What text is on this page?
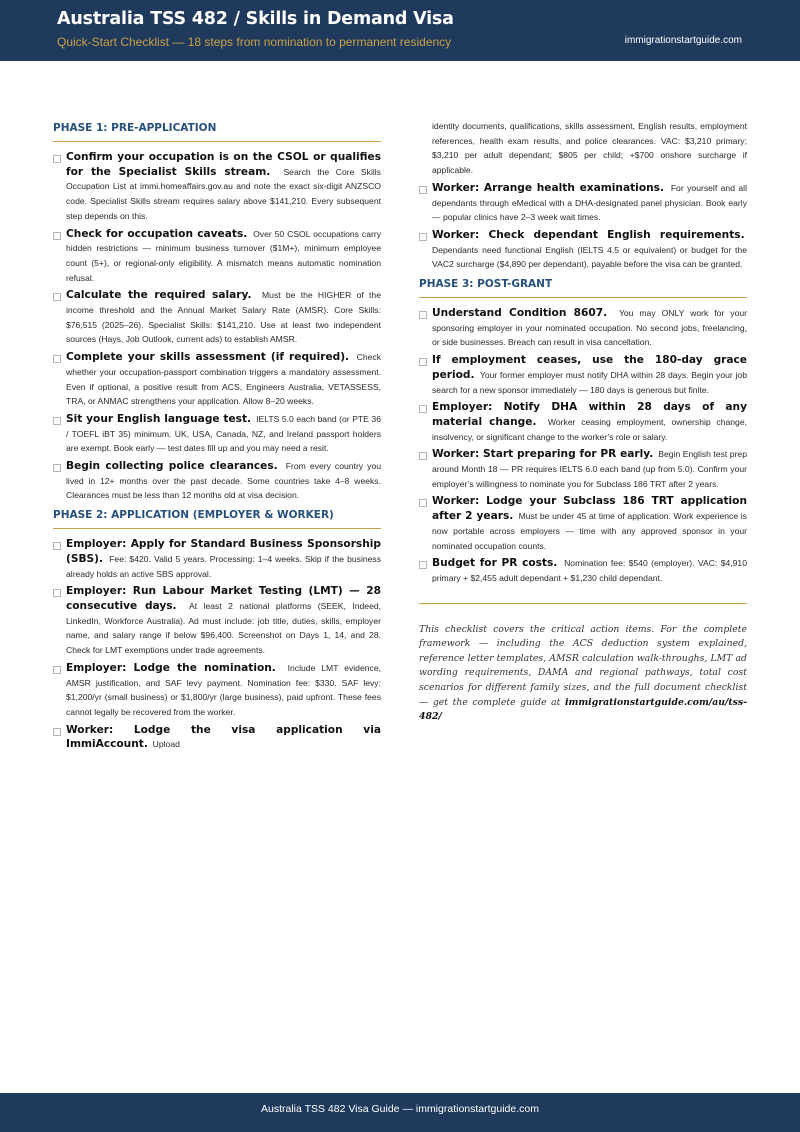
Australia TSS 482 / Skills in Demand Visa
Quick-Start Checklist — 18 steps from nomination to permanent residency	immigrationstartguide.com
PHASE 1: PRE-APPLICATION
Confirm your occupation is on the CSOL or qualifies for the Specialist Skills stream. Search the Core Skills Occupation List at immi.homeaffairs.gov.au and note the exact six-digit ANZSCO code. Specialist Skills stream requires salary above $141,210. Every subsequent step depends on this.
Check for occupation caveats. Over 50 CSOL occupations carry hidden restrictions — minimum business turnover ($1M+), minimum employee count (5+), or regional-only eligibility. A mismatch means automatic nomination refusal.
Calculate the required salary. Must be the HIGHER of the income threshold and the Annual Market Salary Rate (AMSR). Core Skills: $76,515 (2025–26). Specialist Skills: $141,210. Use at least two independent sources (Hays, Job Outlook, current ads) to establish AMSR.
Complete your skills assessment (if required). Check whether your occupation-passport combination triggers a mandatory assessment. Even if optional, a positive result from ACS, Engineers Australia, VETASSESS, TRA, or ANMAC strengthens your application. Allow 8–20 weeks.
Sit your English language test. IELTS 5.0 each band (or PTE 36 / TOEFL iBT 35) minimum. UK, USA, Canada, NZ, and Ireland passport holders are exempt. Book early — test dates fill up and you may need a resit.
Begin collecting police clearances. From every country you lived in 12+ months over the past decade. Some countries take 4–8 weeks. Clearances must be less than 12 months old at visa decision.
PHASE 2: APPLICATION (EMPLOYER & WORKER)
Employer: Apply for Standard Business Sponsorship (SBS). Fee: $420. Valid 5 years. Processing: 1–4 weeks. Skip if the business already holds an active SBS approval.
Employer: Run Labour Market Testing (LMT) — 28 consecutive days. At least 2 national platforms (SEEK, Indeed, LinkedIn, Workforce Australia). Ad must include: job title, duties, skills, employer name, and salary range if below $96,400. Screenshot on Days 1, 14, and 28. Check for LMT exemptions under trade agreements.
Employer: Lodge the nomination. Include LMT evidence, AMSR justification, and SAF levy payment. Nomination fee: $330. SAF levy: $1,200/yr (small business) or $1,800/yr (large business), paid upfront. These fees cannot legally be recovered from the worker.
Worker: Lodge the visa application via ImmiAccount. Upload
identity documents, qualifications, skills assessment, English results, employment references, health exam results, and police clearances. VAC: $3,210 primary; $3,210 per adult dependant; $805 per child; +$700 onshore surcharge if applicable.
Worker: Arrange health examinations. For yourself and all dependants through eMedical with a DHA-designated panel physician. Book early — popular clinics have 2–3 week wait times.
Worker: Check dependant English requirements.  Dependants need functional English (IELTS 4.5 or equivalent) or budget for the VAC2 surcharge ($4,890 per dependant), payable before the visa can be granted.
PHASE 3: POST-GRANT
Understand Condition 8607. You may ONLY work for your sponsoring employer in your nominated occupation. No second jobs, freelancing, or side businesses. Breach can result in visa cancellation.
If employment ceases, use the 180-day grace period. Your former employer must notify DHA within 28 days. Begin your job search for a new sponsor immediately — 180 days is generous but finite.
Employer: Notify DHA within 28 days of any material change. Worker ceasing employment, ownership change, insolvency, or significant change to the worker’s role or salary.
Worker: Start preparing for PR early. Begin English test prep around Month 18 — PR requires IELTS 6.0 each band (up from 5.0). Confirm your employer’s willingness to nominate you for Subclass 186 TRT after 2 years.
Worker: Lodge your Subclass 186 TRT application after 2 years. Must be under 45 at time of application. Work experience is now portable across employers — time with any approved sponsor in your nominated occupation counts.
Budget for PR costs. Nomination fee: $540 (employer). VAC: $4,910 primary + $2,455 adult dependant + $1,230 child dependant.
This checklist covers the critical action items. For the complete framework — including the ACS deduction system explained, reference letter templates, AMSR calculation walk-throughs, LMT ad wording requirements, DAMA and regional pathways, total cost scenarios for different family sizes, and the full document checklist — get the complete guide at immigrationstartguide.com/au/tss-482/
Australia TSS 482 Visa Guide — immigrationstartguide.com
